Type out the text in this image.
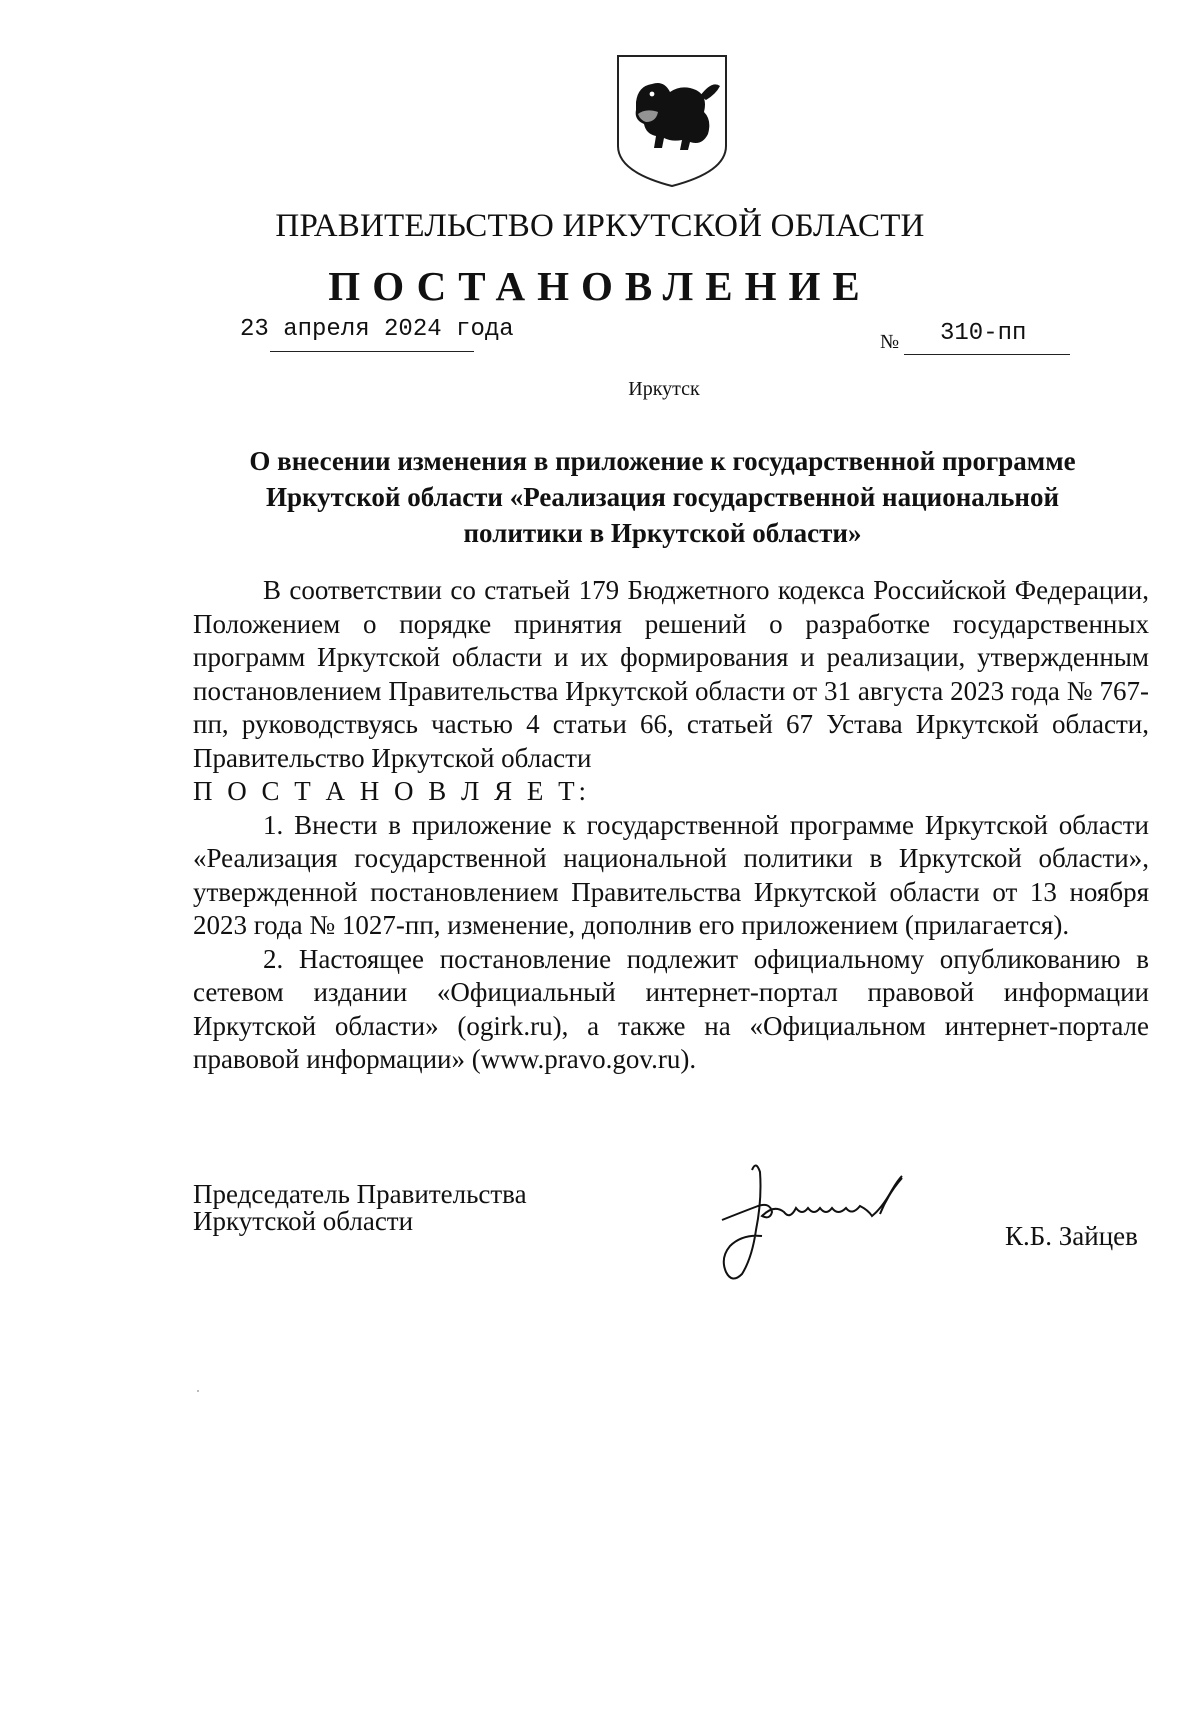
ПРАВИТЕЛЬСТВО ИРКУТСКОЙ ОБЛАСТИ
ПОСТАНОВЛЕНИЕ
23 апреля 2024 года	№ 310-пп
Иркутск
О внесении изменения в приложение к государственной программе
Иркутской области «Реализация государственной национальной
политики в Иркутской области»

В соответствии со статьей 179 Бюджетного кодекса Российской Федерации, Положением о порядке принятия решений о разработке государственных программ Иркутской области и их формирования и реализации, утвержденным постановлением Правительства Иркутской области от 31 августа 2023 года № 767-пп, руководствуясь частью 4 статьи 66, статьей 67 Устава Иркутской области, Правительство Иркутской области

П О С Т А Н О В Л Я Е Т:

1. Внести в приложение к государственной программе Иркутской области «Реализация государственной национальной политики в Иркутской области», утвержденной постановлением Правительства Иркутской области от 13 ноября 2023 года № 1027-пп, изменение, дополнив его приложением (прилагается).

2. Настоящее постановление подлежит официальному опубликованию в сетевом издании «Официальный интернет-портал правовой информации Иркутской области» (ogirk.ru), а также на «Официальном интернет-портале правовой информации» (www.pravo.gov.ru).

Председатель Правительства
Иркутской области	К.Б. Зайцев
